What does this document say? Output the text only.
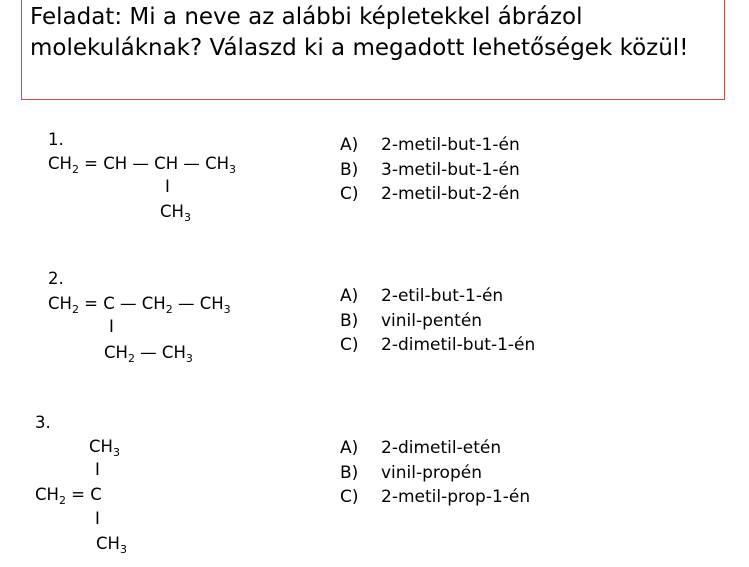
Feladat: Mi a neve az alábbi képletekkel ábrázol molekuláknak? Válaszd ki a megadott lehetőségek közül!
1.
$CH_2$ = CH — CH — $CH_3$
I
$CH_3$
A) 2-metil-but-1-én
B) 3-metil-but-1-én
C) 2-metil-but-2-én
2.
$CH_2 = C$ — $CH_2$ — $CH_3$
I
$CH_2$ — $CH_3$
A) 2-etil-but-1-én
B) vinil-pentén
C) 2-dimetil-but-1-én
3.
$CH_3$
I
$CH_2 = C$
I
$CH_3$
A) 2-dimetil-etén
B) vinil-propén
C) 2-metil-prop-1-én
